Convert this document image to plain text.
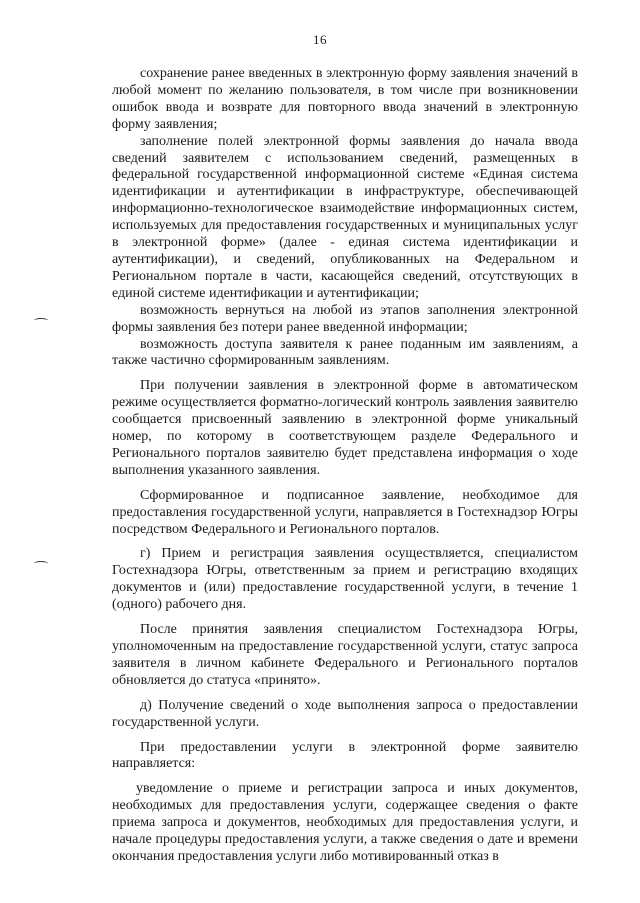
16

сохранение ранее введенных в электронную форму заявления значений в любой момент по желанию пользователя, в том числе при возникновении ошибок ввода и возврате для повторного ввода значений в электронную форму заявления;

заполнение полей электронной формы заявления до начала ввода сведений заявителем с использованием сведений, размещенных в федеральной государственной информационной системе «Единая система идентификации и аутентификации в инфраструктуре, обеспечивающей информационно-технологическое взаимодействие информационных систем, используемых для предоставления государственных и муниципальных услуг в электронной форме» (далее - единая система идентификации и аутентификации), и сведений, опубликованных на Федеральном и Региональном портале в части, касающейся сведений, отсутствующих в единой системе идентификации и аутентификации;

возможность вернуться на любой из этапов заполнения электронной формы заявления без потери ранее введенной информации;

возможность доступа заявителя к ранее поданным им заявлениям, а также частично сформированным заявлениям.

При получении заявления в электронной форме в автоматическом режиме осуществляется форматно-логический контроль заявления заявителю сообщается присвоенный заявлению в электронной форме уникальный номер, по которому в соответствующем разделе Федерального и Регионального порталов заявителю будет представлена информация о ходе выполнения указанного заявления.

Сформированное и подписанное заявление, необходимое для предоставления государственной услуги, направляется в Гостехнадзор Югры посредством Федерального и Регионального порталов.

г) Прием и регистрация заявления осуществляется, специалистом Гостехнадзора Югры, ответственным за прием и регистрацию входящих документов и (или) предоставление государственной услуги, в течение 1 (одного) рабочего дня.

После принятия заявления специалистом Гостехнадзора Югры, уполномоченным на предоставление государственной услуги, статус запроса заявителя в личном кабинете Федерального и Регионального порталов обновляется до статуса «принято».

д) Получение сведений о ходе выполнения запроса о предоставлении государственной услуги.

При предоставлении услуги в электронной форме заявителю направляется:

уведомление о приеме и регистрации запроса и иных документов, необходимых для предоставления услуги, содержащее сведения о факте приема запроса и документов, необходимых для предоставления услуги, и начале процедуры предоставления услуги, а также сведения о дате и времени окончания предоставления услуги либо мотивированный отказ в
